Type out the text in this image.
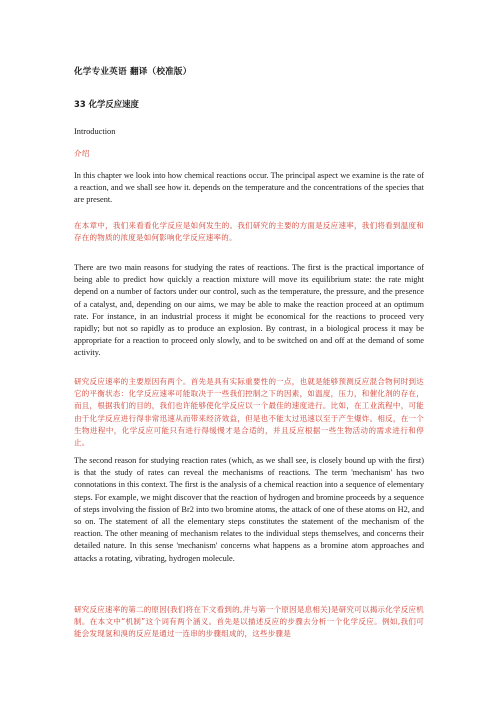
化学专业英语 翻译（校准版）
33 化学反应速度

Introduction

介绍

In this chapter we look into how chemical reactions occur. The principal aspect we examine is the rate of a reaction, and we shall see how it. depends on the temperature and the concentrations of the species that are present.

在本章中，我们来看看化学反应是如何发生的。我们研究的主要的方面是反应速率，我们将看到温度和存在的物质的浓度是如何影响化学反应速率的。

There are two main reasons for studying the rates of reactions. The first is the practical importance of being able to predict how quickly a reaction mixture will move its equilibrium state: the rate might depend on a number of factors under our control, such as the temperature, the pressure, and the presence of a catalyst, and, depending on our aims, we may be able to make the reaction proceed at an optimum rate. For instance, in an industrial process it might be economical for the reactions to proceed very rapidly; but not so rapidly as to produce an explosion. By contrast, in a biological process it may be appropriate for a reaction to proceed only slowly, and to be switched on and off at the demand of some activity.

研究反应速率的主要原因有两个。首先是具有实际重要性的一点，也就是能够预测反应混合物何时到达它的平衡状态：化学反应速率可能取决于一些我们控制之下的因素，如温度，压力，和催化剂的存在，而且，根据我们的目的，我们也许能够使化学反应以一个最佳的速度进行。比如，在工业流程中，可能由于化学反应进行得非常迅速从而带来经济效益，但是也不能太过迅速以至于产生爆炸。相反，在一个生物进程中，化学反应可能只有进行得缓慢才是合适的，并且反应根据一些生物活动的需求进行和停止。

The second reason for studying reaction rates (which, as we shall see, is closely bound up with the first) is that the study of rates can reveal the mechanisms of reactions. The term 'mechanism' has two connotations in this context. The first is the analysis of a chemical reaction into a sequence of elementary steps. For example, we might discover that the reaction of hydrogen and bromine proceeds by a sequence of steps involving the fission of Br2 into two bromine atoms, the attack of one of these atoms on H2, and so on. The statement of all the elementary steps constitutes the statement of the mechanism of the reaction. The other meaning of mechanism relates to the individual steps themselves, and concerns their detailed nature. In this sense 'mechanism' concerns what happens as a bromine atom approaches and attacks a rotating, vibrating, hydrogen molecule.

研究反应速率的第二的原因(我们将在下文看到的,并与第一个原因是息相关)是研究可以揭示化学反应机制。在本文中“机制”这个词有两个涵义。首先是以描述反应的步骤去分析一个化学反应。例如,我们可能会发现氢和溴的反应是通过一连串的步骤组成的，这些步骤是
